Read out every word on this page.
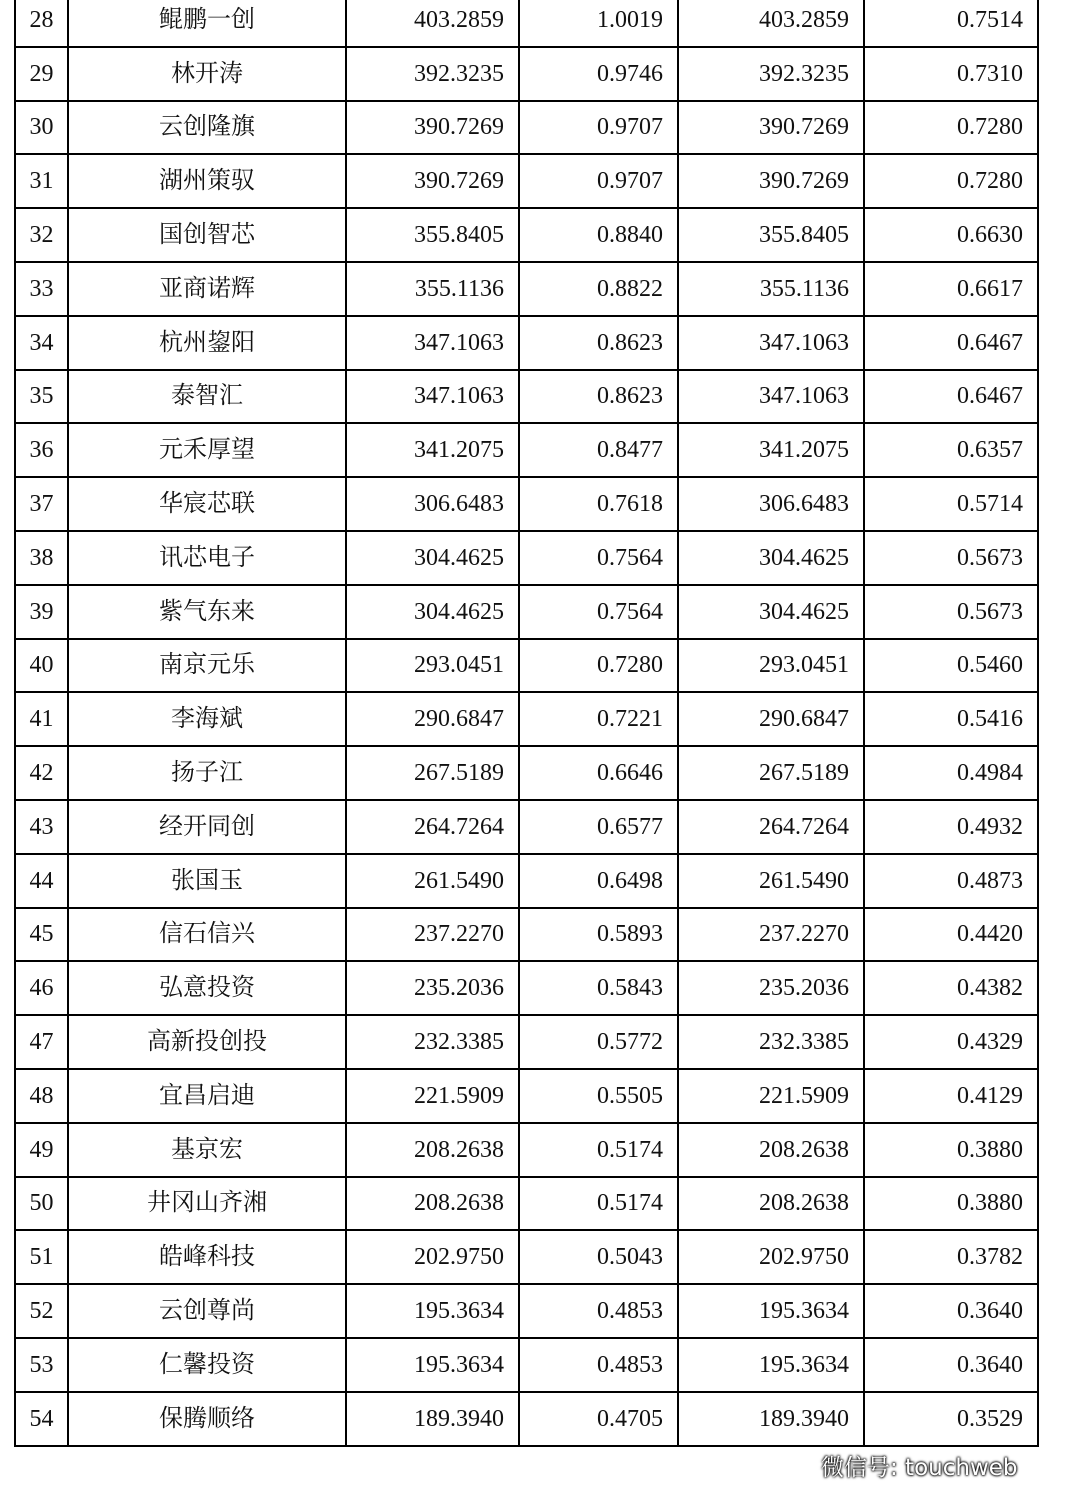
28	鲲鹏一创	403.2859	1.0019	403.2859	0.7514
29	林开涛	392.3235	0.9746	392.3235	0.7310
30	云创隆旗	390.7269	0.9707	390.7269	0.7280
31	湖州策驭	390.7269	0.9707	390.7269	0.7280
32	国创智芯	355.8405	0.8840	355.8405	0.6630
33	亚商诺辉	355.1136	0.8822	355.1136	0.6617
34	杭州鋆阳	347.1063	0.8623	347.1063	0.6467
35	泰智汇	347.1063	0.8623	347.1063	0.6467
36	元禾厚望	341.2075	0.8477	341.2075	0.6357
37	华宸芯联	306.6483	0.7618	306.6483	0.5714
38	讯芯电子	304.4625	0.7564	304.4625	0.5673
39	紫气东来	304.4625	0.7564	304.4625	0.5673
40	南京元乐	293.0451	0.7280	293.0451	0.5460
41	李海斌	290.6847	0.7221	290.6847	0.5416
42	扬子江	267.5189	0.6646	267.5189	0.4984
43	经开同创	264.7264	0.6577	264.7264	0.4932
44	张国玉	261.5490	0.6498	261.5490	0.4873
45	信石信兴	237.2270	0.5893	237.2270	0.4420
46	弘意投资	235.2036	0.5843	235.2036	0.4382
47	高新投创投	232.3385	0.5772	232.3385	0.4329
48	宜昌启迪	221.5909	0.5505	221.5909	0.4129
49	基京宏	208.2638	0.5174	208.2638	0.3880
50	井冈山齐湘	208.2638	0.5174	208.2638	0.3880
51	皓峰科技	202.9750	0.5043	202.9750	0.3782
52	云创尊尚	195.3634	0.4853	195.3634	0.3640
53	仁馨投资	195.3634	0.4853	195.3634	0.3640
54	保腾顺络	189.3940	0.4705	189.3940	0.3529
微信号: touchweb
